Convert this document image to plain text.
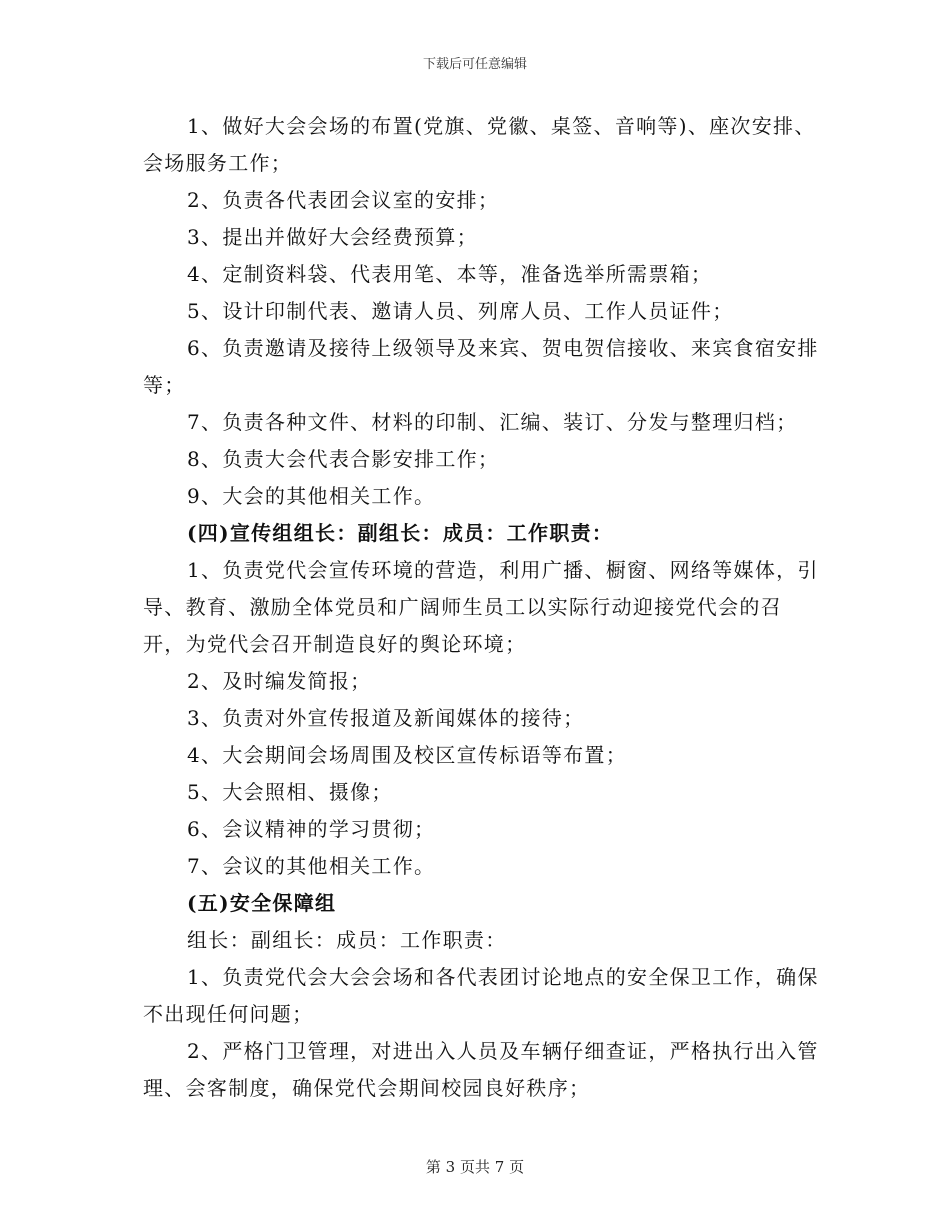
下载后可任意编辑

1、做好大会会场的布置(党旗、党徽、桌签、音响等)、座次安排、会场服务工作；

2、负责各代表团会议室的安排；

3、提出并做好大会经费预算；

4、定制资料袋、代表用笔、本等，准备选举所需票箱；

5、设计印制代表、邀请人员、列席人员、工作人员证件；

6、负责邀请及接待上级领导及来宾、贺电贺信接收、来宾食宿安排等；

7、负责各种文件、材料的印制、汇编、装订、分发与整理归档；

8、负责大会代表合影安排工作；

9、大会的其他相关工作。

(四)宣传组组长：副组长：成员：工作职责：

1、负责党代会宣传环境的营造，利用广播、橱窗、网络等媒体，引导、教育、激励全体党员和广阔师生员工以实际行动迎接党代会的召开，为党代会召开制造良好的舆论环境；

2、及时编发简报；

3、负责对外宣传报道及新闻媒体的接待；

4、大会期间会场周围及校区宣传标语等布置；

5、大会照相、摄像；

6、会议精神的学习贯彻；

7、会议的其他相关工作。

(五)安全保障组

组长：副组长：成员：工作职责：

1、负责党代会大会会场和各代表团讨论地点的安全保卫工作，确保不出现任何问题；

2、严格门卫管理，对进出入人员及车辆仔细查证，严格执行出入管理、会客制度，确保党代会期间校园良好秩序；

第 3 页共 7 页
